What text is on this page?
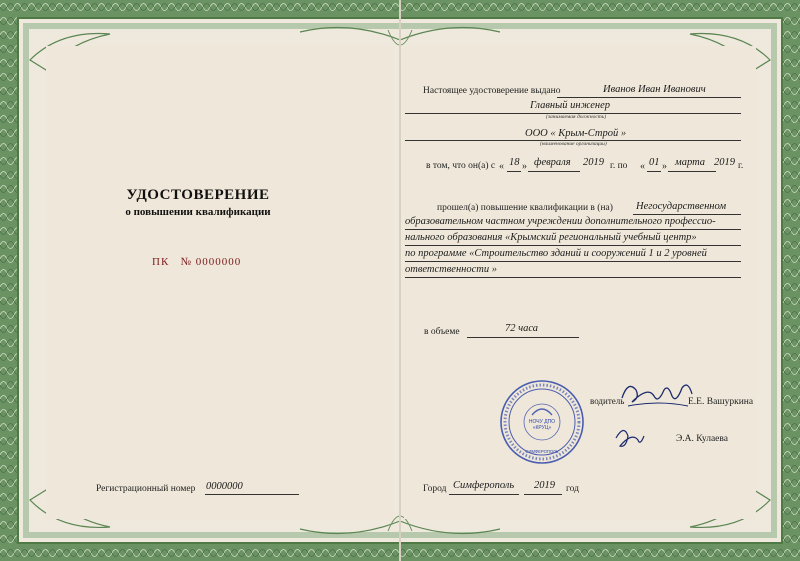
УДОСТОВЕРЕНИЕ
о повышении квалификации
ПК № 0000000
Регистрационный номер 0000000
Настоящее удостоверение выдано	Иванов Иван Иванович
Главный инженер
(занимаемая должность)
ООО « Крым-Строй »
(наименование организации)
в том, что он(а) с « 18 » февраля 2019 г. по « 01 » марта 2019 г.
прошел(а) повышение квалификации в (на) Негосударственном
образовательном частном учреждении дополнительного профессио-
нального образования «Крымский региональный учебный центр»
по программе «Строительство зданий и сооружений 1 и 2 уровней
ответственности »
в объеме	72 часа
водитель	Е.Е. Вашуркина
Э.А. Кулаева
НОЧУ ДПО
«КРУЦ»
СИМФЕРОПОЛЬ
Город Симферополь 2019 год
